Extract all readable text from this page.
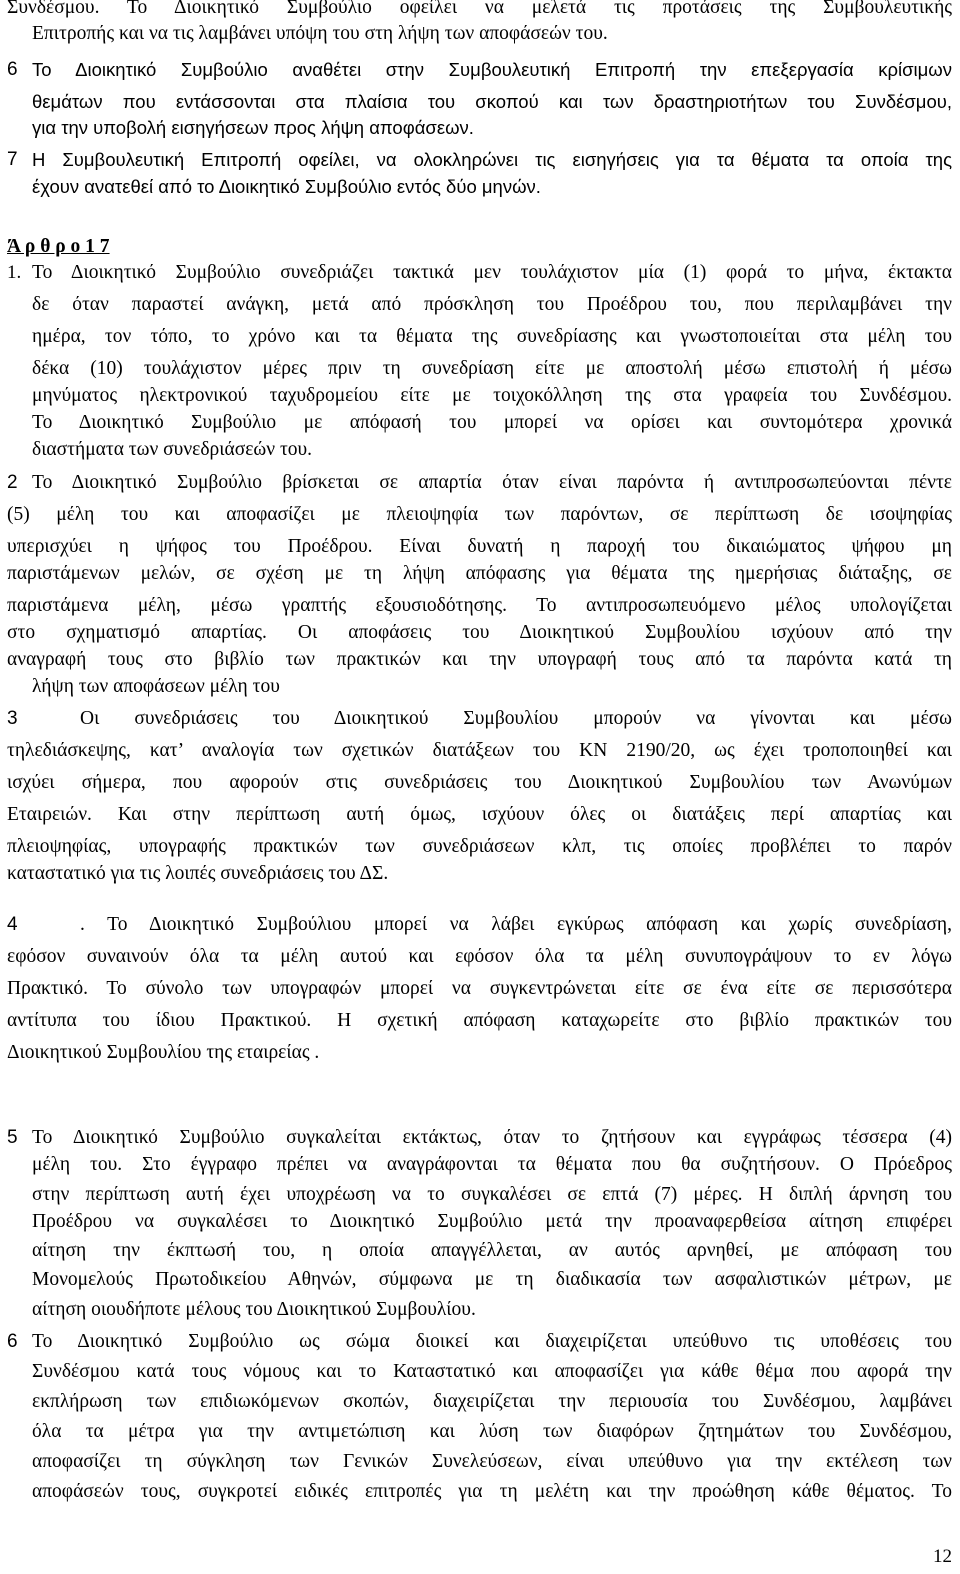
Συνδέσμου. Το Διοικητικό Συμβούλιο οφείλει να μελετά τις προτάσεις της Συμβουλευτικής
Επιτροπής και να τις λαμβάνει υπόψη του στη λήψη των αποφάσεών του.
6 Το Διοικητικό Συμβούλιο αναθέτει στην Συμβουλευτική Επιτροπή την επεξεργασία κρίσιμων
θεμάτων που εντάσσονται στα πλαίσια του σκοπού και των δραστηριοτήτων του Συνδέσμου,
για την υποβολή εισηγήσεων προς λήψη αποφάσεων.
7 Η Συμβουλευτική Επιτροπή οφείλει, να ολοκληρώνει τις εισηγήσεις για τα θέματα τα οποία της
έχουν ανατεθεί από το Διοικητικό Συμβούλιο εντός δύο μηνών.
Ά ρ θ ρ ο 1 7
1. Το Διοικητικό Συμβούλιο συνεδριάζει τακτικά μεν τουλάχιστον μία (1) φορά το μήνα, έκτακτα
δε όταν παραστεί ανάγκη, μετά από πρόσκληση του Προέδρου του, που περιλαμβάνει την
ημέρα, τον τόπο, το χρόνο και τα θέματα της συνεδρίασης και γνωστοποιείται στα μέλη του
δέκα (10) τουλάχιστον μέρες πριν τη συνεδρίαση είτε με αποστολή μέσω επιστολή ή μέσω
μηνύματος ηλεκτρονικού ταχυδρομείου είτε με τοιχοκόλληση της στα γραφεία του Συνδέσμου.
Το Διοικητικό Συμβούλιο με απόφασή του μπορεί να ορίσει και συντομότερα χρονικά
διαστήματα των συνεδριάσεών του.
2 Το Διοικητικό Συμβούλιο βρίσκεται σε απαρτία όταν είναι παρόντα ή αντιπροσωπεύονται πέντε
(5) μέλη του και αποφασίζει με πλειοψηφία των παρόντων, σε περίπτωση δε ισοψηφίας
υπερισχύει η ψήφος του Προέδρου. Είναι δυνατή η παροχή του δικαιώματος ψήφου μη
παριστάμενων μελών, σε σχέση με τη λήψη απόφασης για θέματα της ημερήσιας διάταξης, σε
παριστάμενα μέλη, μέσω γραπτής εξουσιοδότησης. Το αντιπροσωπευόμενο μέλος υπολογίζεται
στο σχηματισμό απαρτίας. Οι αποφάσεις του Διοικητικού Συμβουλίου ισχύουν από την
αναγραφή τους στο βιβλίο των πρακτικών και την υπογραφή τους από τα παρόντα κατά τη
λήψη των αποφάσεων μέλη του
3	Οι συνεδριάσεις του Διοικητικού Συμβουλίου μπορούν να γίνονται και μέσω
τηλεδιάσκεψης, κατ’ αναλογία των σχετικών διατάξεων του ΚΝ 2190/20, ως έχει τροποποιηθεί και
ισχύει σήμερα, που αφορούν στις συνεδριάσεις του Διοικητικού Συμβουλίου των Ανωνύμων
Εταιρειών. Και στην περίπτωση αυτή όμως, ισχύουν όλες οι διατάξεις περί απαρτίας και
πλειοψηφίας, υπογραφής πρακτικών των συνεδριάσεων κλπ, τις οποίες προβλέπει το παρόν
καταστατικό για τις λοιπές συνεδριάσεις του ΔΣ.
4	. Το Διοικητικό Συμβούλιου μπορεί να λάβει εγκύρως απόφαση και χωρίς συνεδρίαση,
εφόσον συναινούν όλα τα μέλη αυτού και εφόσον όλα τα μέλη συνυπογράψουν το εν λόγω
Πρακτικό. Το σύνολο των υπογραφών μπορεί να συγκεντρώνεται είτε σε ένα είτε σε περισσότερα
αντίτυπα του ίδιου Πρακτικού. Η σχετική απόφαση καταχωρείτε στο βιβλίο πρακτικών του
Διοικητικού Συμβουλίου της εταιρείας .
5 Το Διοικητικό Συμβούλιο συγκαλείται εκτάκτως, όταν το ζητήσουν και εγγράφως τέσσερα (4)
μέλη του. Στο έγγραφο πρέπει να αναγράφονται τα θέματα που θα συζητήσουν. Ο Πρόεδρος
στην περίπτωση αυτή έχει υποχρέωση να το συγκαλέσει σε επτά (7) μέρες. Η διπλή άρνηση του
Προέδρου να συγκαλέσει το Διοικητικό Συμβούλιο μετά την προαναφερθείσα αίτηση επιφέρει
αίτηση την έκπτωσή του, η οποία απαγγέλλεται, αν αυτός αρνηθεί, με απόφαση του
Μονομελούς Πρωτοδικείου Αθηνών, σύμφωνα με τη διαδικασία των ασφαλιστικών μέτρων, με
αίτηση οιουδήποτε μέλους του Διοικητικού Συμβουλίου.
6 Το Διοικητικό Συμβούλιο ως σώμα διοικεί και διαχειρίζεται υπεύθυνο τις υποθέσεις του
Συνδέσμου κατά τους νόμους και το Καταστατικό και αποφασίζει για κάθε θέμα που αφορά την
εκπλήρωση των επιδιωκόμενων σκοπών, διαχειρίζεται την περιουσία του Συνδέσμου, λαμβάνει
όλα τα μέτρα για την αντιμετώπιση και λύση των διαφόρων ζητημάτων του Συνδέσμου,
αποφασίζει τη σύγκληση των Γενικών Συνελεύσεων, είναι υπεύθυνο για την εκτέλεση των
αποφάσεών τους, συγκροτεί ειδικές επιτροπές για τη μελέτη και την προώθηση κάθε θέματος. Το
12
